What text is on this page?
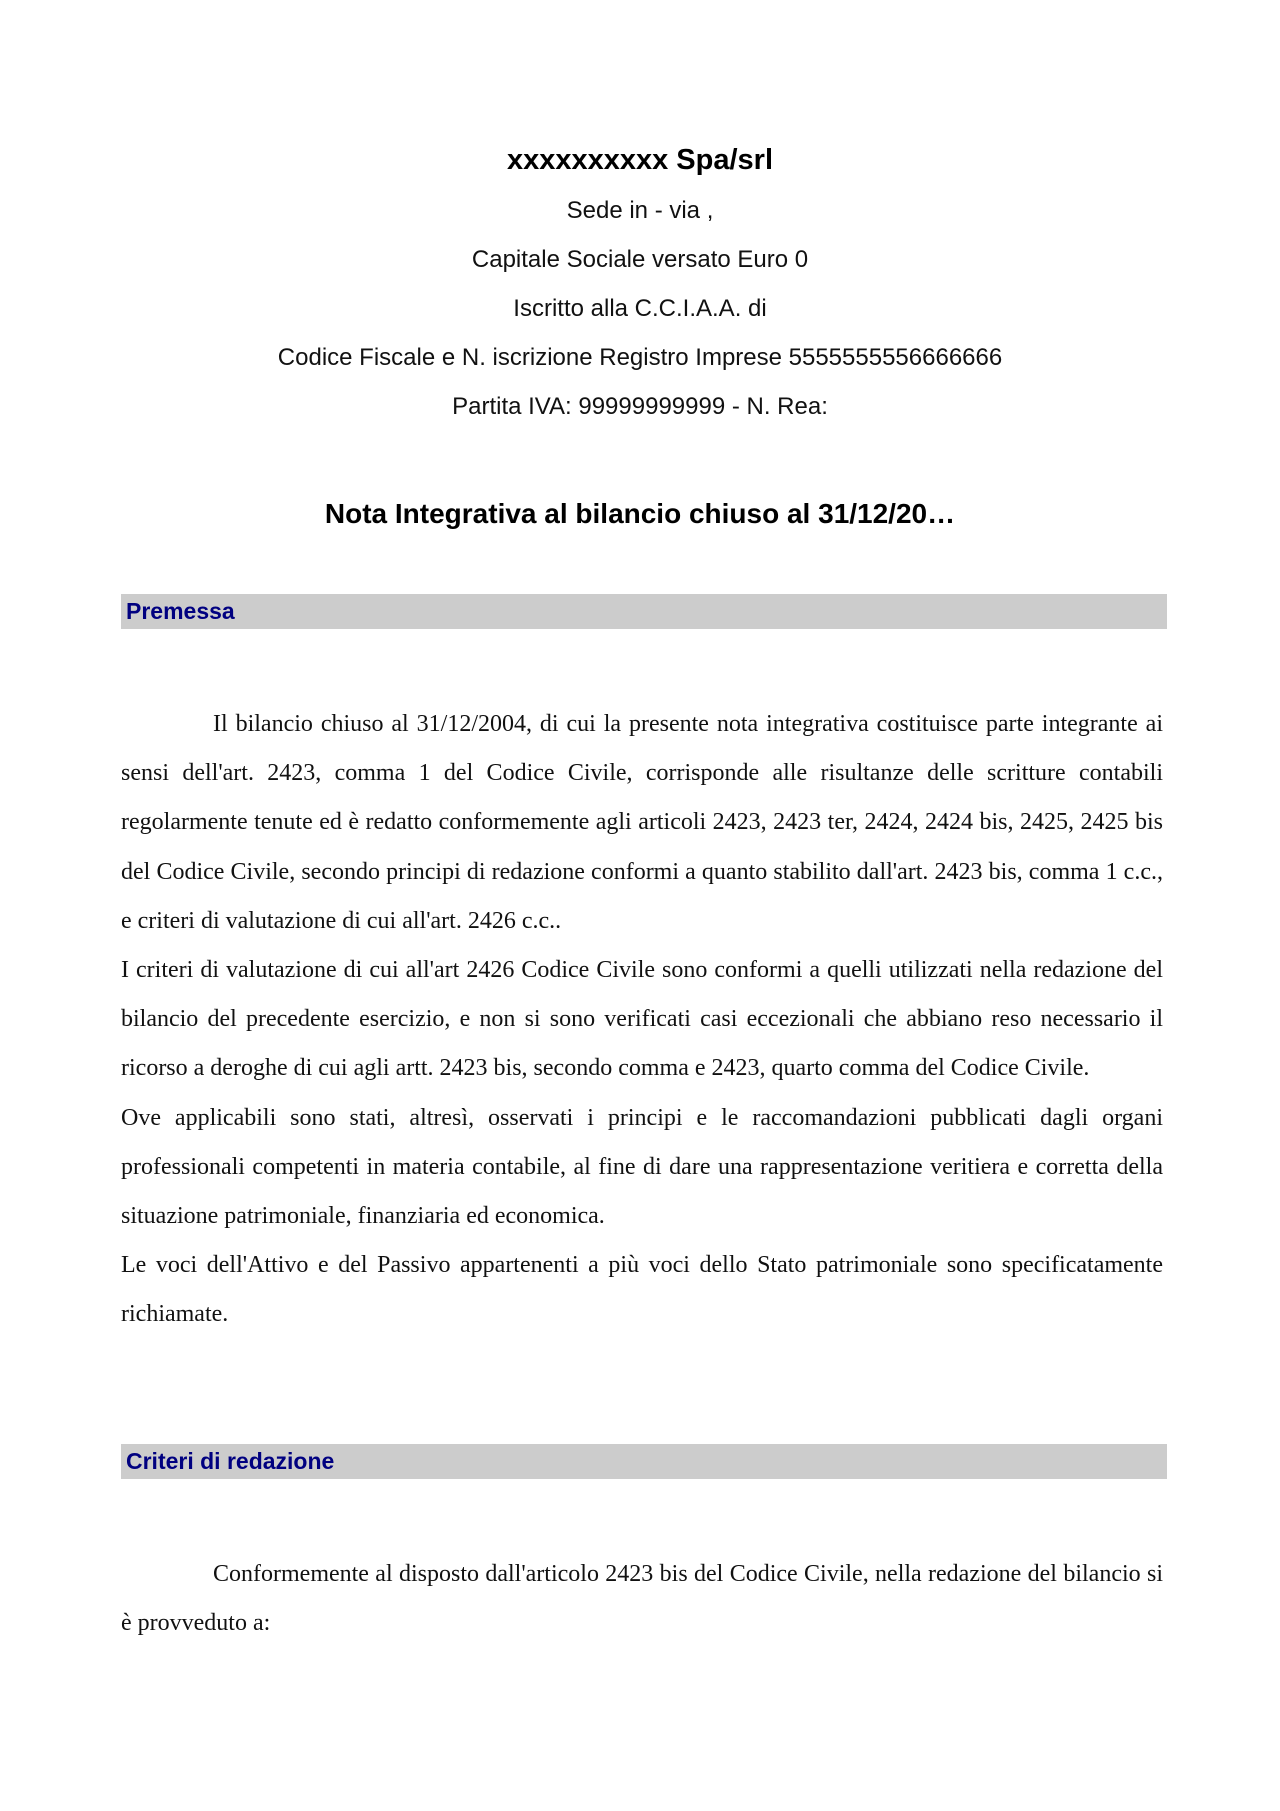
xxxxxxxxxx Spa/srl

Sede in - via ,

Capitale Sociale versato Euro 0

Iscritto alla C.C.I.A.A. di

Codice Fiscale e N. iscrizione Registro Imprese 5555555556666666

Partita IVA: 99999999999 - N. Rea:

Nota Integrativa al bilancio chiuso al 31/12/20…
Premessa

Il bilancio chiuso al 31/12/2004, di cui la presente nota integrativa costituisce parte integrante ai sensi dell'art. 2423, comma 1 del Codice Civile, corrisponde alle risultanze delle scritture contabili regolarmente tenute ed è redatto conformemente agli articoli 2423, 2423 ter, 2424, 2424 bis, 2425, 2425 bis del Codice Civile, secondo principi di redazione conformi a quanto stabilito dall'art. 2423 bis, comma 1 c.c., e criteri di valutazione di cui all'art. 2426 c.c..

I criteri di valutazione di cui all'art 2426 Codice Civile sono conformi a quelli utilizzati nella redazione del bilancio del precedente esercizio, e non si sono verificati casi eccezionali che abbiano reso necessario il ricorso a deroghe di cui agli artt. 2423 bis, secondo comma e 2423, quarto comma del Codice Civile.

Ove applicabili sono stati, altresì, osservati i principi e le raccomandazioni pubblicati dagli organi professionali competenti in materia contabile, al fine di dare una rappresentazione veritiera e corretta della situazione patrimoniale, finanziaria ed economica.

Le voci dell'Attivo e del Passivo appartenenti a più voci dello Stato patrimoniale sono specificatamente richiamate.

Criteri di redazione

Conformemente al disposto dall'articolo 2423 bis del Codice Civile, nella redazione del bilancio si è provveduto a:
